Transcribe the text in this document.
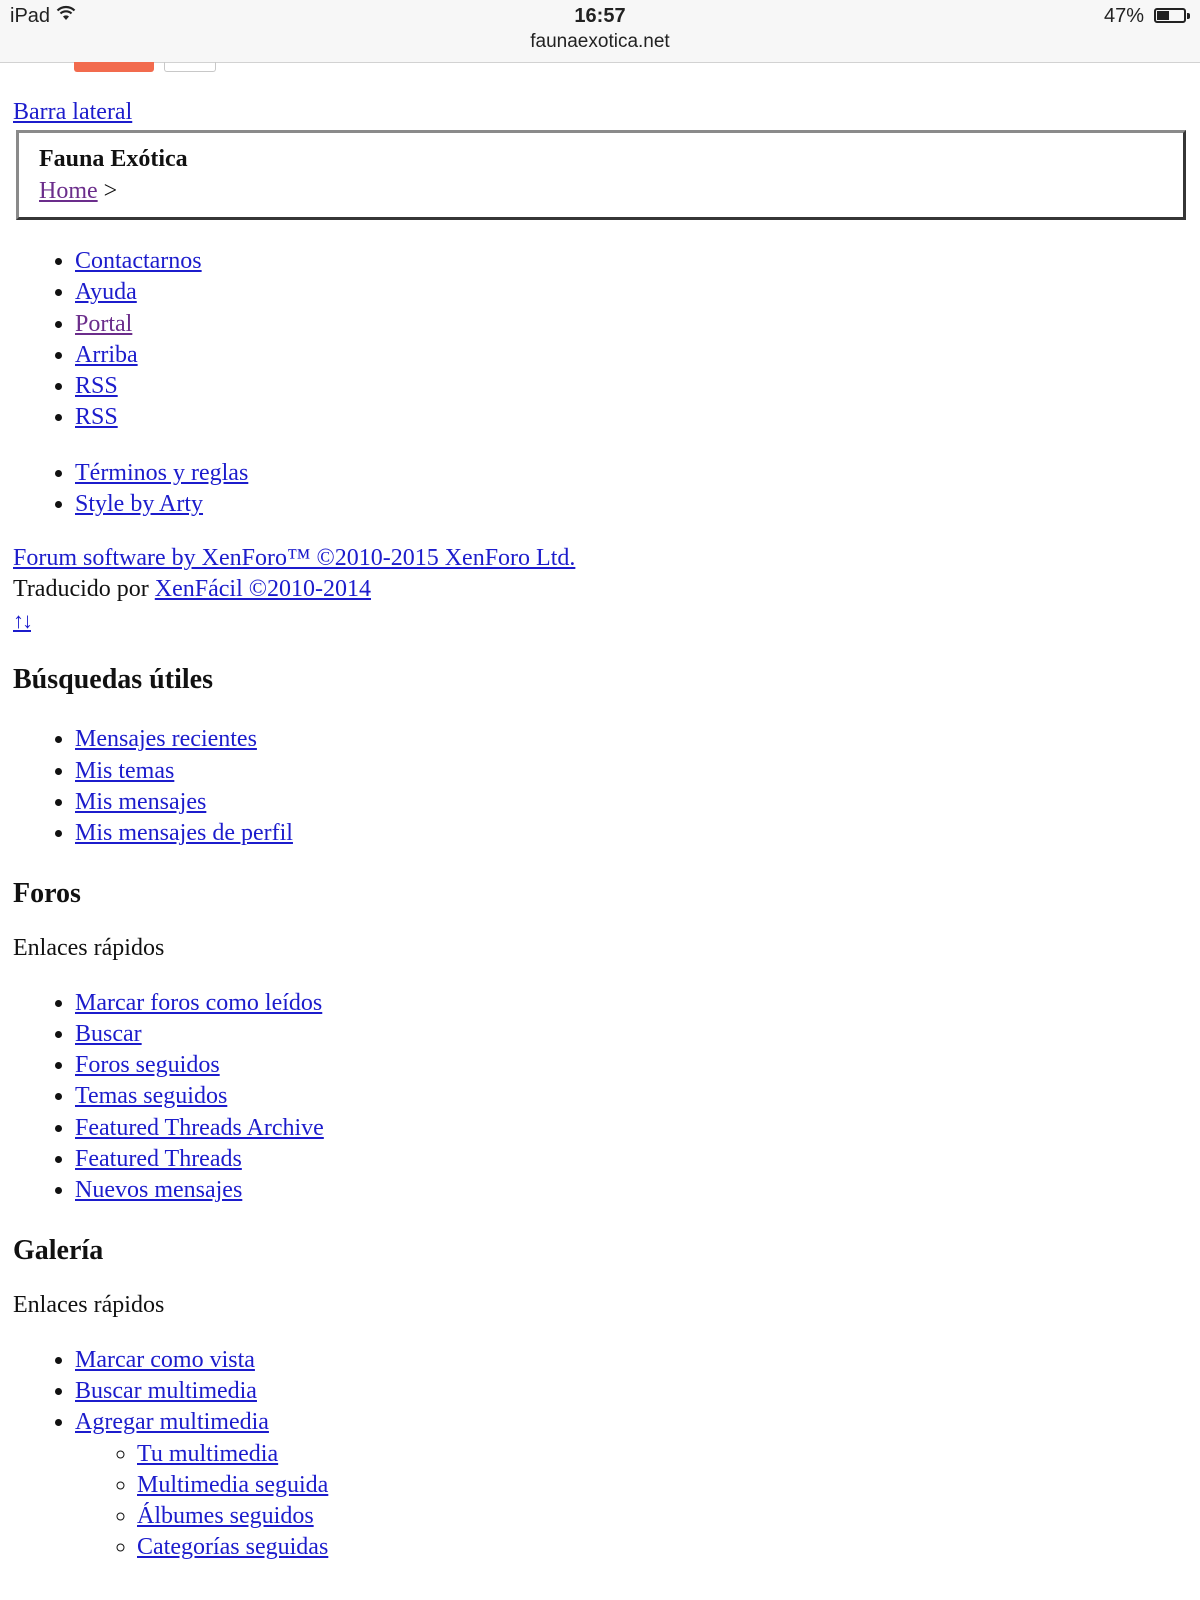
iPad	16:57
faunaexotica.net
47%
Barra lateral
Fauna Exótica
Home >
• Contactarnos
• Ayuda
• Portal
• Arriba
• RSS
• RSS
• Términos y reglas
• Style by Arty
Forum software by XenForo™ ©2010-2015 XenForo Ltd.
Traducido por XenFácil ©2010-2014
↑↓
Búsquedas útiles
• Mensajes recientes
• Mis temas
• Mis mensajes
• Mis mensajes de perfil
Foros
Enlaces rápidos
• Marcar foros como leídos
• Buscar
• Foros seguidos
• Temas seguidos
• Featured Threads Archive
• Featured Threads
• Nuevos mensajes
Galería
Enlaces rápidos
• Marcar como vista
• Buscar multimedia
• Agregar multimedia
◦ Tu multimedia
◦ Multimedia seguida
◦ Álbumes seguidos
◦ Categorías seguidas
